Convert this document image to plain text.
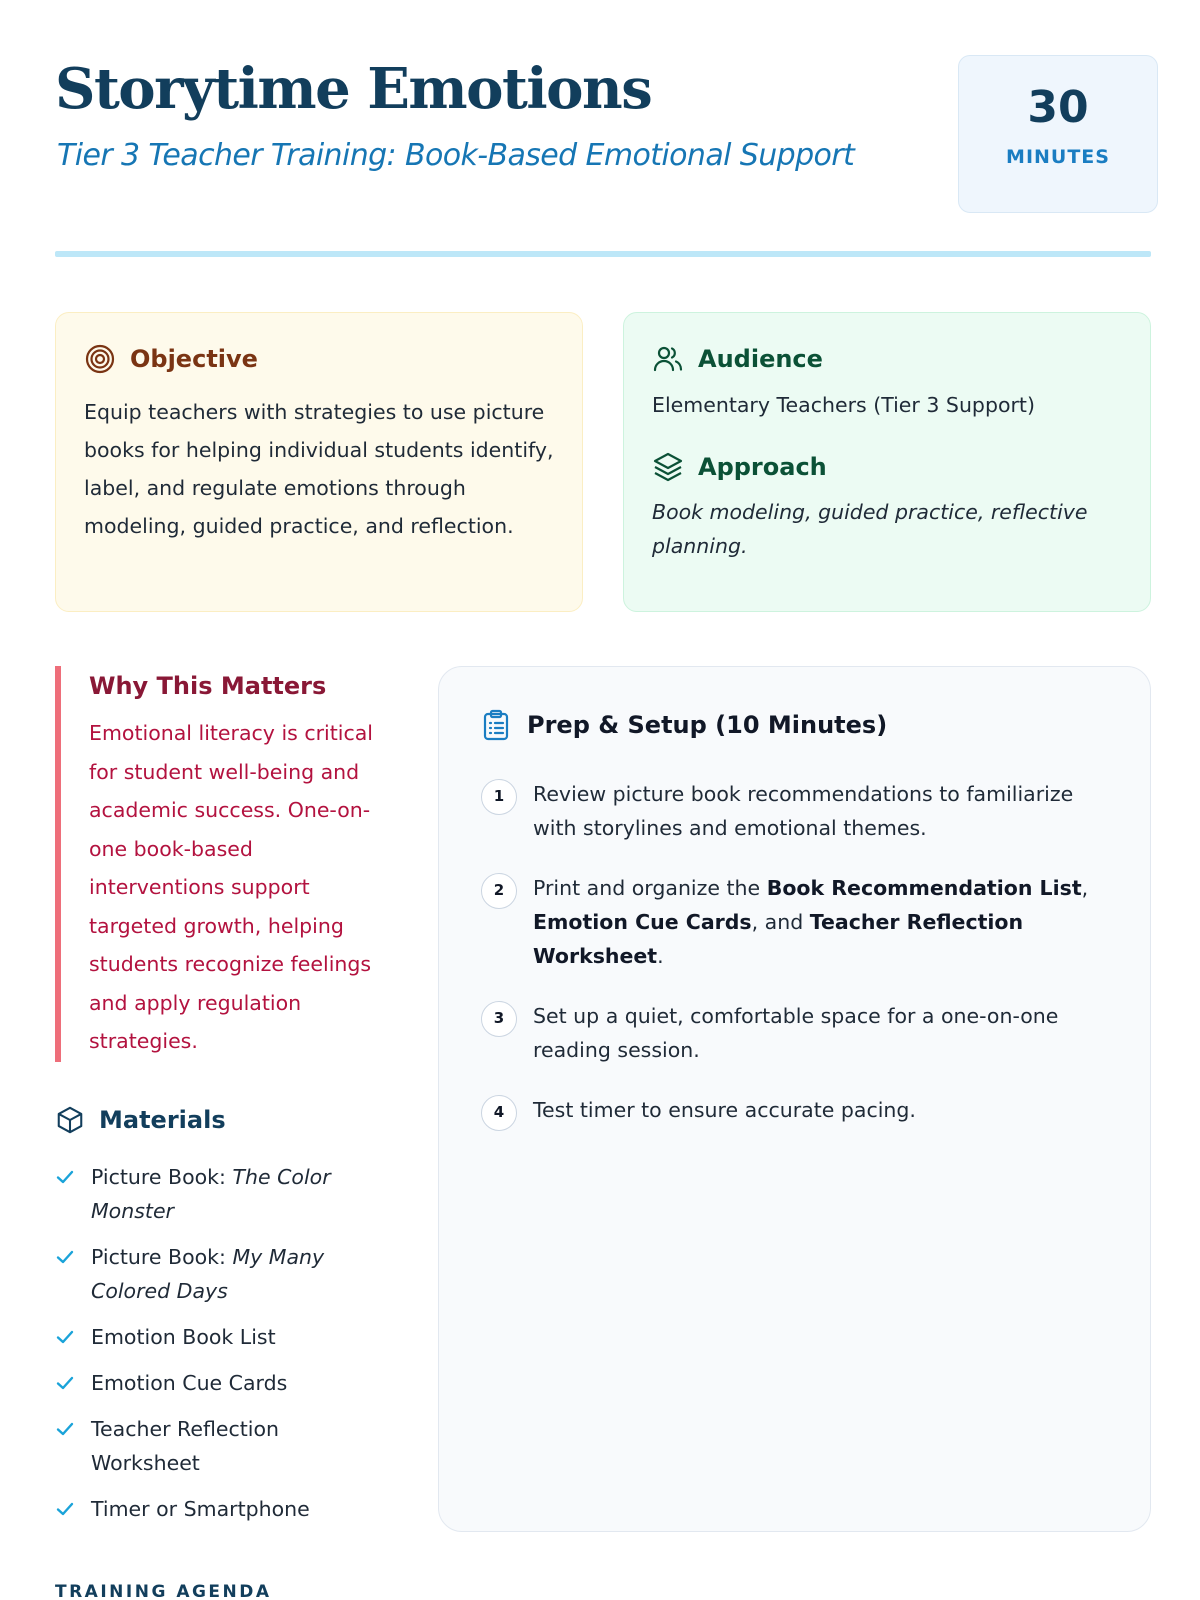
Storytime Emotions
Tier 3 Teacher Training: Book-Based Emotional Support
30
MINUTES
Objective

Equip teachers with strategies to use picture books for helping individual students identify, label, and regulate emotions through modeling, guided practice, and reflection.

Audience

Elementary Teachers (Tier 3 Support)

Approach

Book modeling, guided practice, reflective planning.

Why This Matters

Emotional literacy is critical for student well-being and academic success. One-on-one book-based interventions support targeted growth, helping students recognize feelings and apply regulation strategies.

Materials
Picture Book: The Color Monster
Picture Book: My Many Colored Days
Emotion Book List
Emotion Cue Cards
Teacher Reflection Worksheet
Timer or Smartphone
Prep & Setup (10 Minutes)
1	Review picture book recommendations to familiarize with storylines and emotional themes.
2	Print and organize the Book Recommendation List, Emotion Cue Cards, and Teacher Reflection Worksheet.
3	Set up a quiet, comfortable space for a one-on-one reading session.
4	Test timer to ensure accurate pacing.
TRAINING AGENDA
